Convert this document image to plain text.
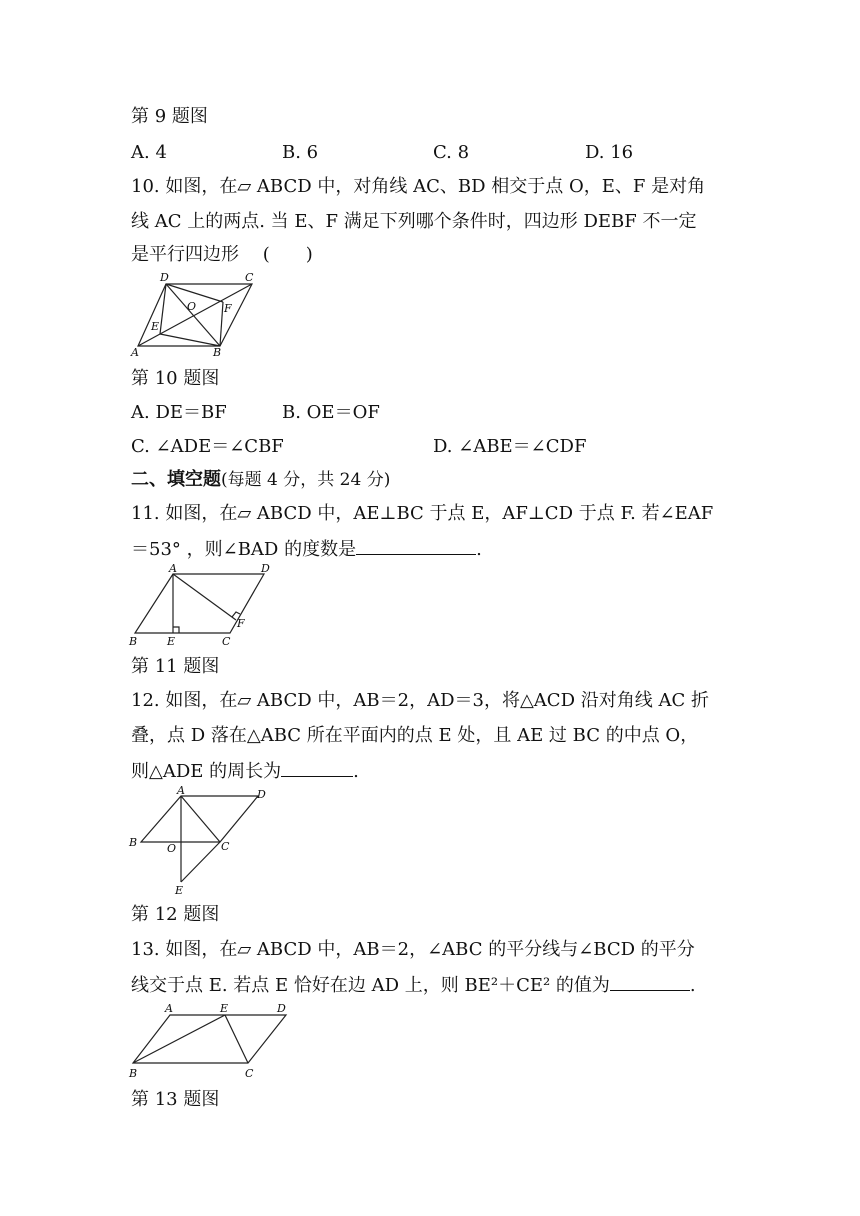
第 9 题图
A. 4	B. 6	C. 8	D. 16
10. 如图，在▱ ABCD 中，对角线 AC、BD 相交于点 O，E、F 是对角
线 AC 上的两点. 当 E、F 满足下列哪个条件时，四边形 DEBF 不一定
是平行四边形　 (　　)
D	C
O	F
E
A	B
第 10 题图
A. DE＝BF	B. OE＝OF
C. ∠ADE＝∠CBF	D. ∠ABE＝∠CDF
二、填空题(每题 4 分，共 24 分)
11. 如图，在▱ ABCD 中，AE⊥BC 于点 E，AF⊥CD 于点 F. 若∠EAF
＝53° ，则∠BAD 的度数是	.
A	D
F
B	E	C
第 11 题图
12. 如图，在▱ ABCD 中，AB＝2，AD＝3，将△ACD 沿对角线 AC 折
叠，点 D 落在△ABC 所在平面内的点 E 处，且 AE 过 BC 的中点 O，
则△ADE 的周长为	.
A	D
B	O	C
E
第 12 题图
13. 如图，在▱ ABCD 中，AB＝2，∠ABC 的平分线与∠BCD 的平分
线交于点 E. 若点 E 恰好在边 AD 上，则 BE²＋CE² 的值为	.
A	E	D
B	C
第 13 题图
